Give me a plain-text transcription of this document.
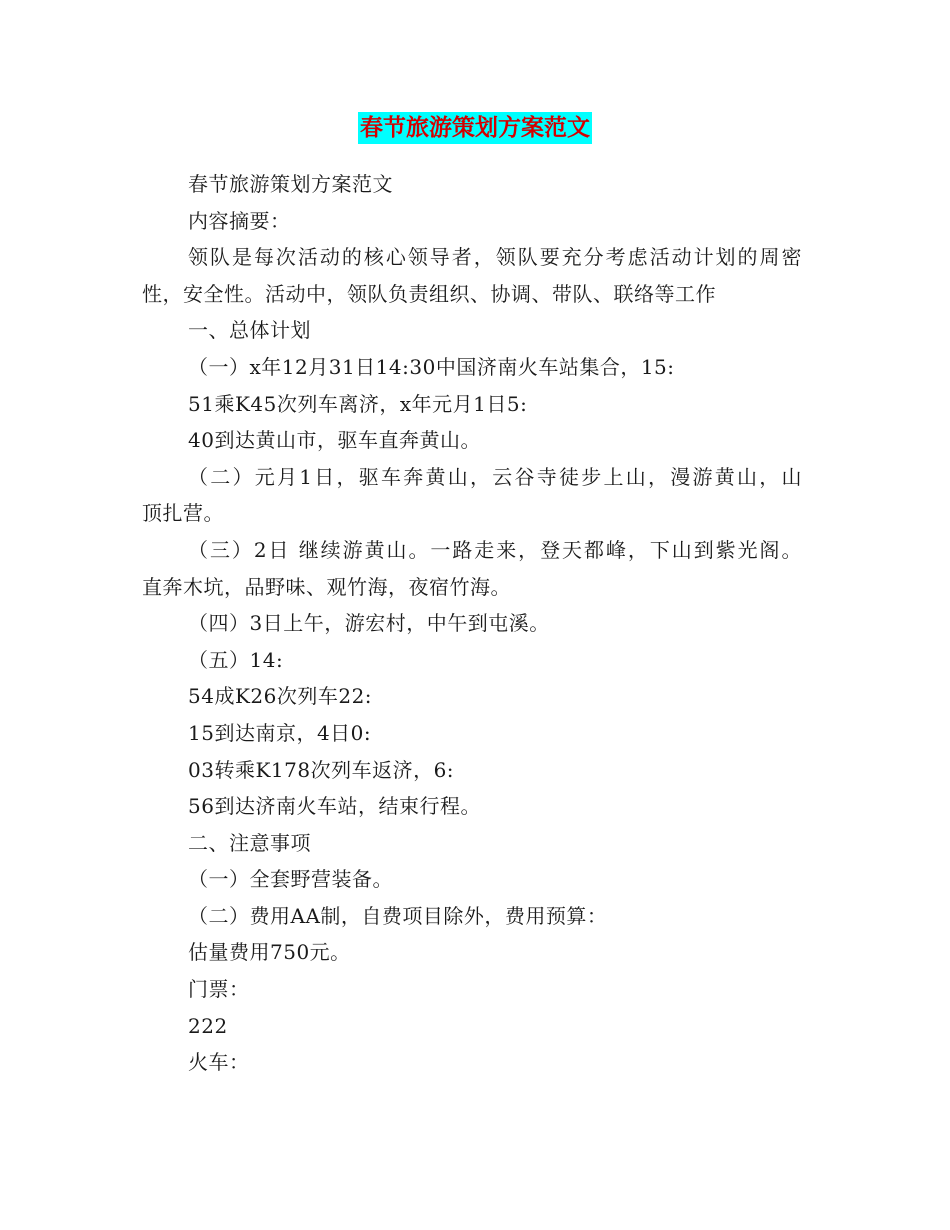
春节旅游策划方案范文
春节旅游策划方案范文
内容摘要：
领队是每次活动的核心领导者，领队要充分考虑活动计划的周密
性，安全性。活动中，领队负责组织、协调、带队、联络等工作
一、总体计划
（一）x年12月31日14:30中国济南火车站集合，15:
51乘K45次列车离济，x年元月1日5:
40到达黄山市，驱车直奔黄山。
（二）元月1日，驱车奔黄山，云谷寺徒步上山，漫游黄山，山
顶扎营。
（三）2日 继续游黄山。一路走来，登天都峰，下山到紫光阁。
直奔木坑，品野味、观竹海，夜宿竹海。
（四）3日上午，游宏村，中午到屯溪。
（五）14:
54成K26次列车22:
15到达南京，4日0:
03转乘K178次列车返济，6:
56到达济南火车站，结束行程。
二、注意事项
（一）全套野营装备。
（二）费用AA制，自费项目除外，费用预算：
估量费用750元。
门票：
222
火车：
